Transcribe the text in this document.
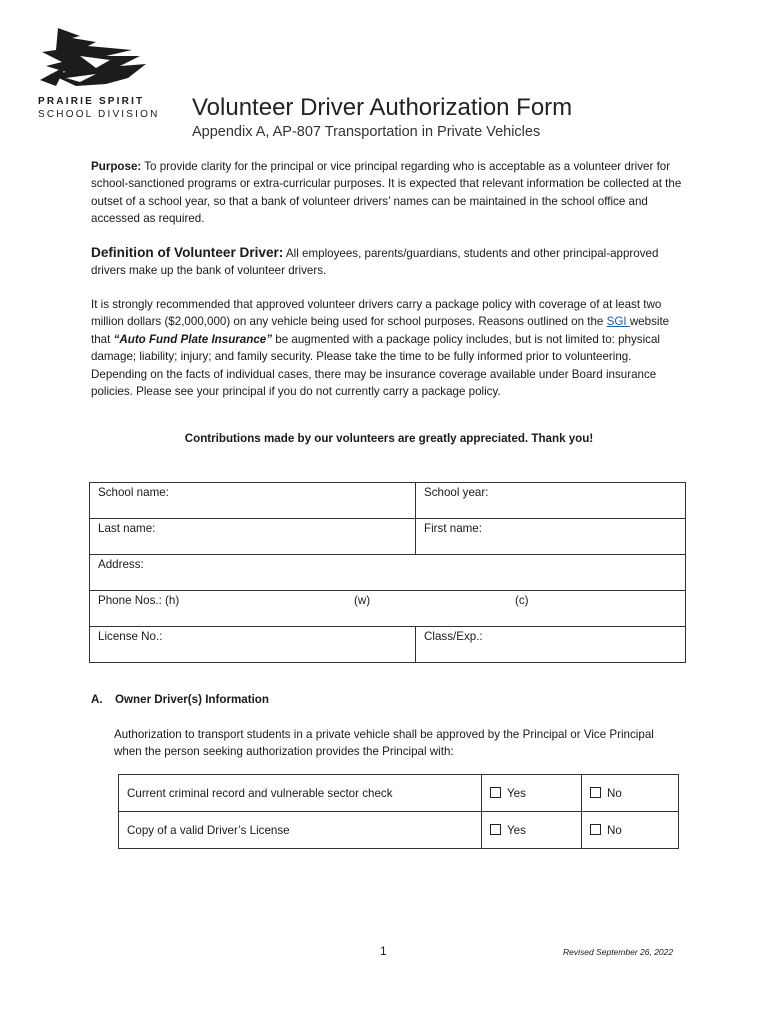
PRAIRIE SPIRIT
SCHOOL DIVISION Volunteer Driver Authorization Form
Appendix A, AP-807 Transportation in Private Vehicles
Purpose: To provide clarity for the principal or vice principal regarding who is acceptable as a volunteer driver for school-sanctioned programs or extra-curricular purposes. It is expected that relevant information be collected at the outset of a school year, so that a bank of volunteer drivers’ names can be maintained in the school office and accessed as required.
Definition of Volunteer Driver: All employees, parents/guardians, students and other principal-approved drivers make up the bank of volunteer drivers.
It is strongly recommended that approved volunteer drivers carry a package policy with coverage of at least two million dollars ($2,000,000) on any vehicle being used for school purposes. Reasons outlined on the SGI website that “Auto Fund Plate Insurance” be augmented with a package policy includes, but is not limited to: physical damage; liability; injury; and family security. Please take the time to be fully informed prior to volunteering. Depending on the facts of individual cases, there may be insurance coverage available under Board insurance policies. Please see your principal if you do not currently carry a package policy.
Contributions made by our volunteers are greatly appreciated. Thank you!
School name:	School year:
Last name:	First name:
Address:	
Phone Nos.: (h) (w) (c)	

License No.:	Class/Exp.:
A. Owner Driver(s) Information
Authorization to transport students in a private vehicle shall be approved by the Principal or Vice Principal when the person seeking authorization provides the Principal with:
Current criminal record and vulnerable sector check	Yes	No
Copy of a valid Driver’s License	Yes	No
1	Revised September 26, 2022
